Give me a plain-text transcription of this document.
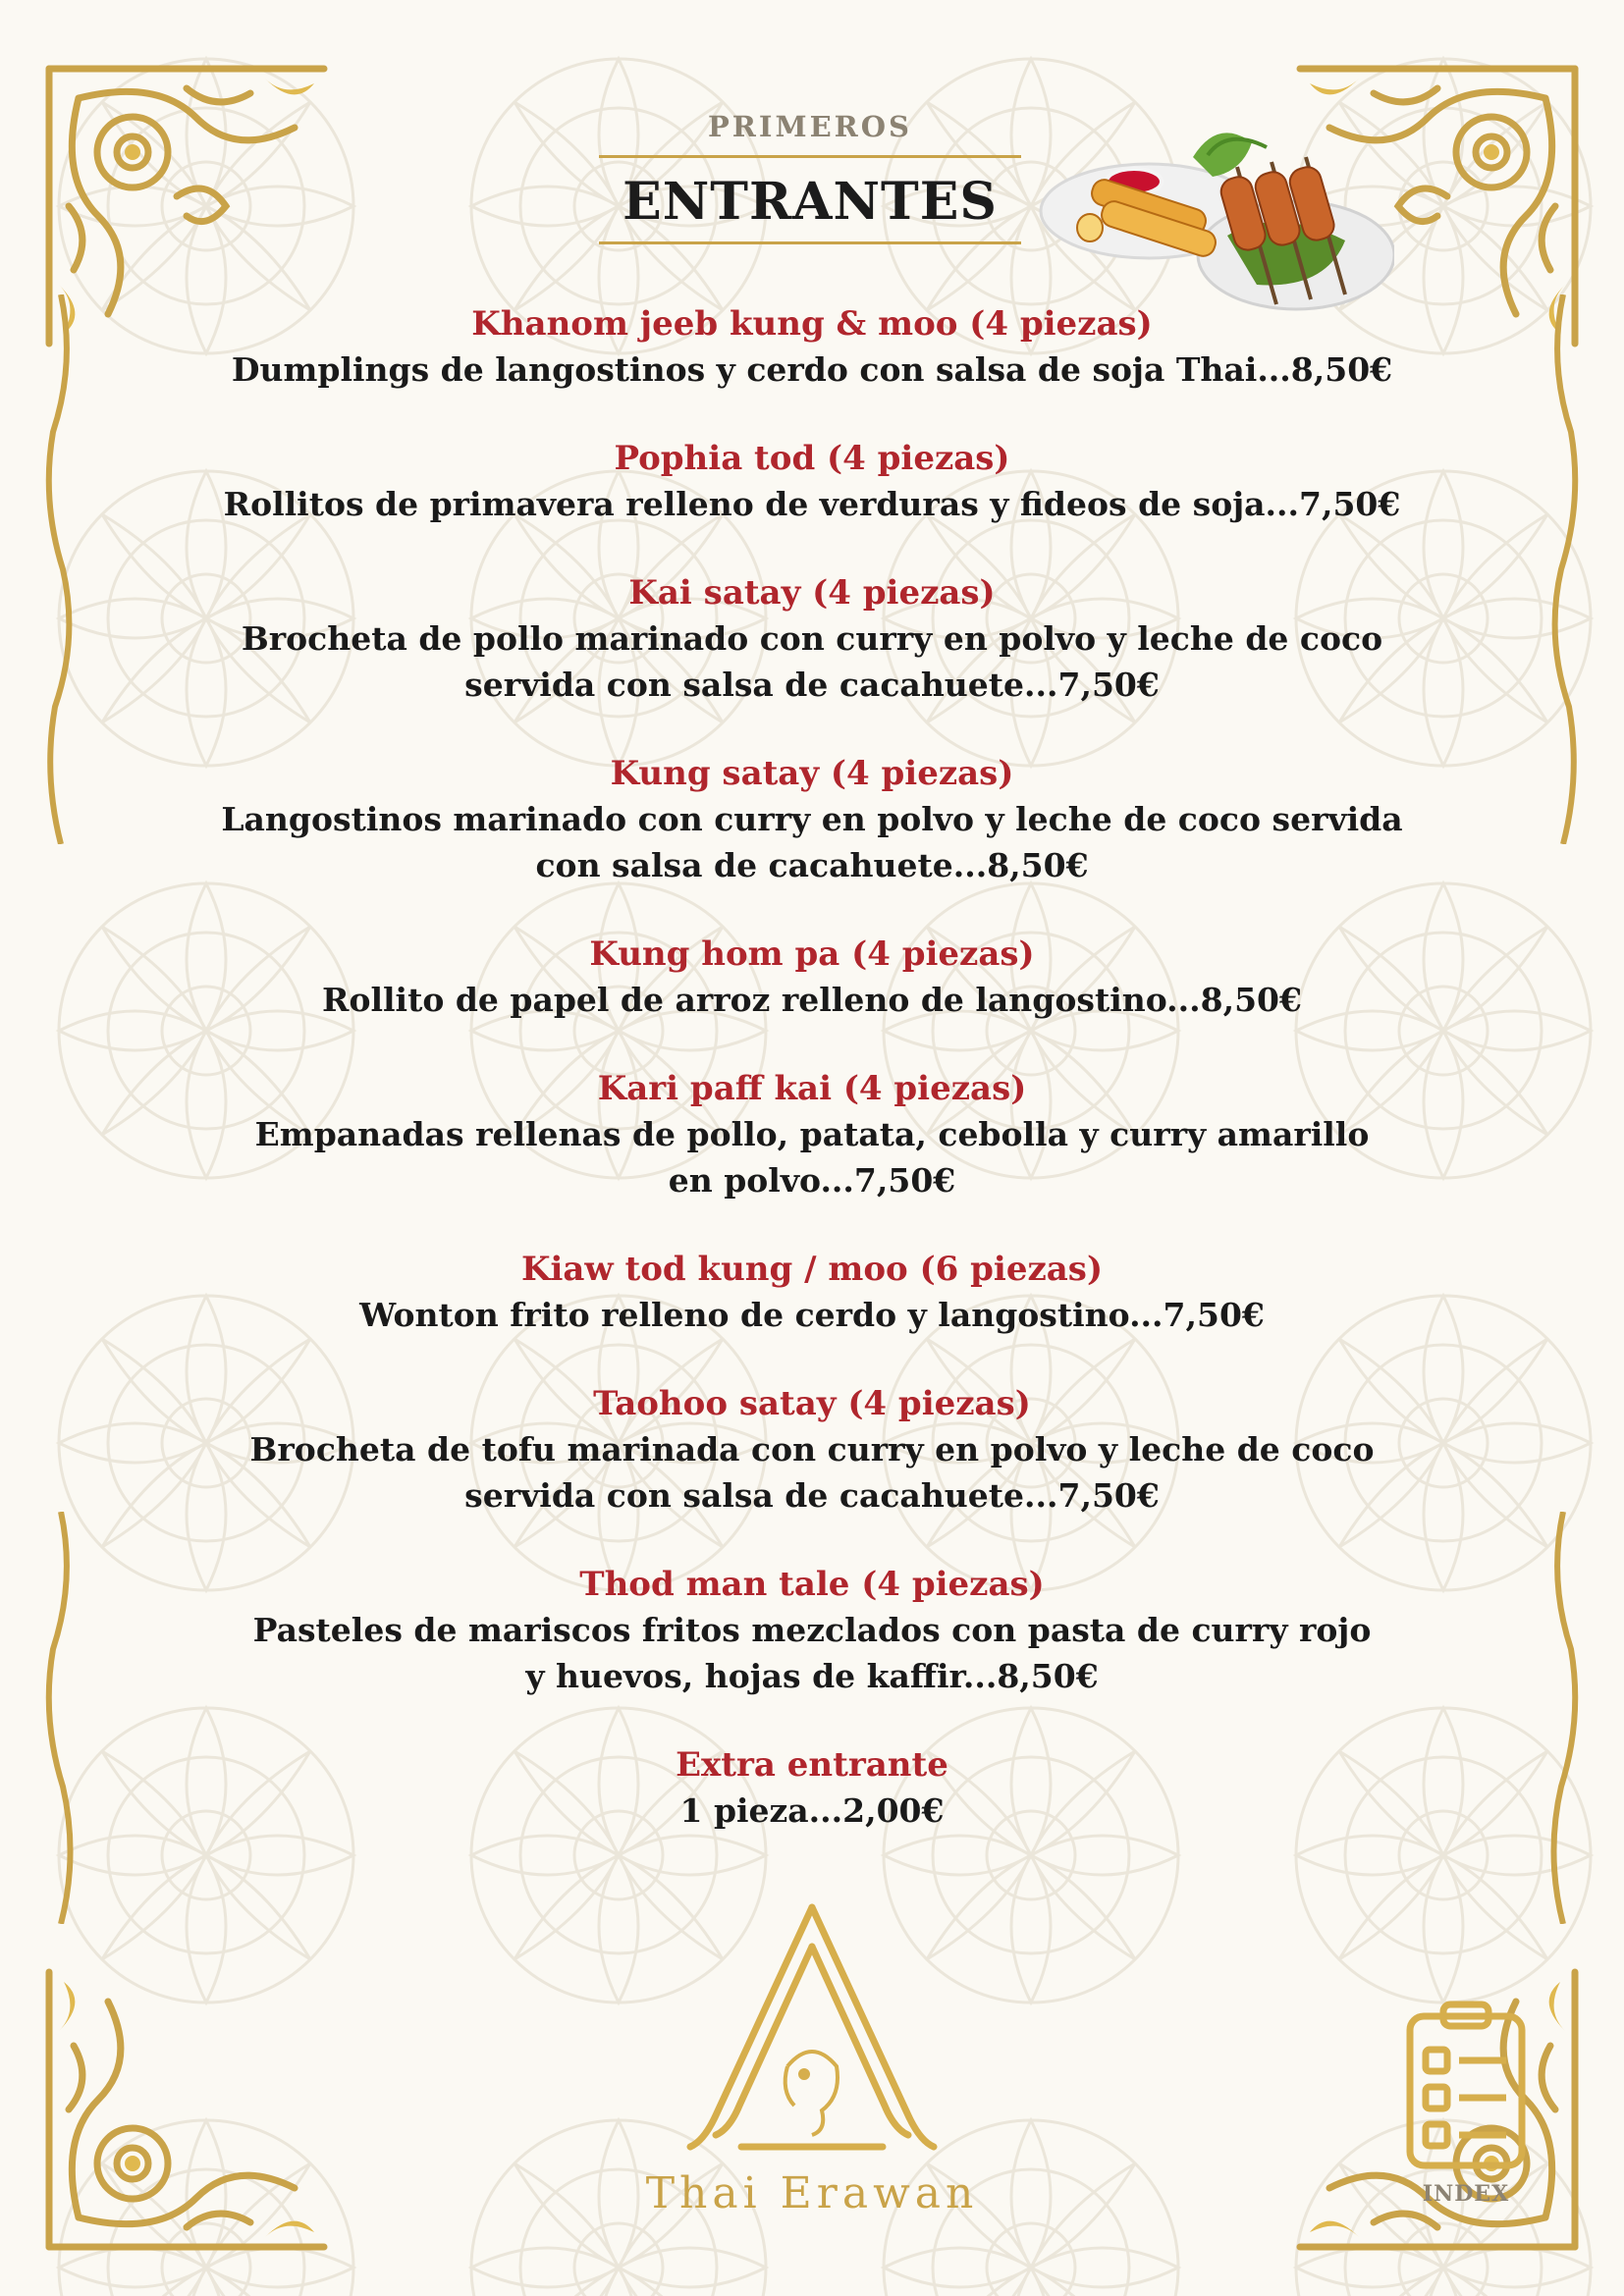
PRIMEROS
ENTRANTES
Khanom jeeb kung & moo (4 piezas)
Dumplings de langostinos y cerdo con salsa de soja Thai...8,50€
Pophia tod (4 piezas)
Rollitos de primavera relleno de verduras y fideos de soja...7,50€
Kai satay (4 piezas)
Brocheta de pollo marinado con curry en polvo y leche de coco
servida con salsa de cacahuete...7,50€
Kung satay (4 piezas)
Langostinos marinado con curry en polvo y leche de coco servida
con salsa de cacahuete...8,50€
Kung hom pa (4 piezas)
Rollito de papel de arroz relleno de langostino...8,50€
Kari paff kai (4 piezas)
Empanadas rellenas de pollo, patata, cebolla y curry amarillo
en polvo...7,50€
Kiaw tod kung / moo (6 piezas)
Wonton frito relleno de cerdo y langostino...7,50€
Taohoo satay (4 piezas)
Brocheta de tofu marinada con curry en polvo y leche de coco
servida con salsa de cacahuete...7,50€
Thod man tale (4 piezas)
Pasteles de mariscos fritos mezclados con pasta de curry rojo
y huevos, hojas de kaffir...8,50€
Extra entrante
1 pieza...2,00€
Thai Erawan	INDEX
